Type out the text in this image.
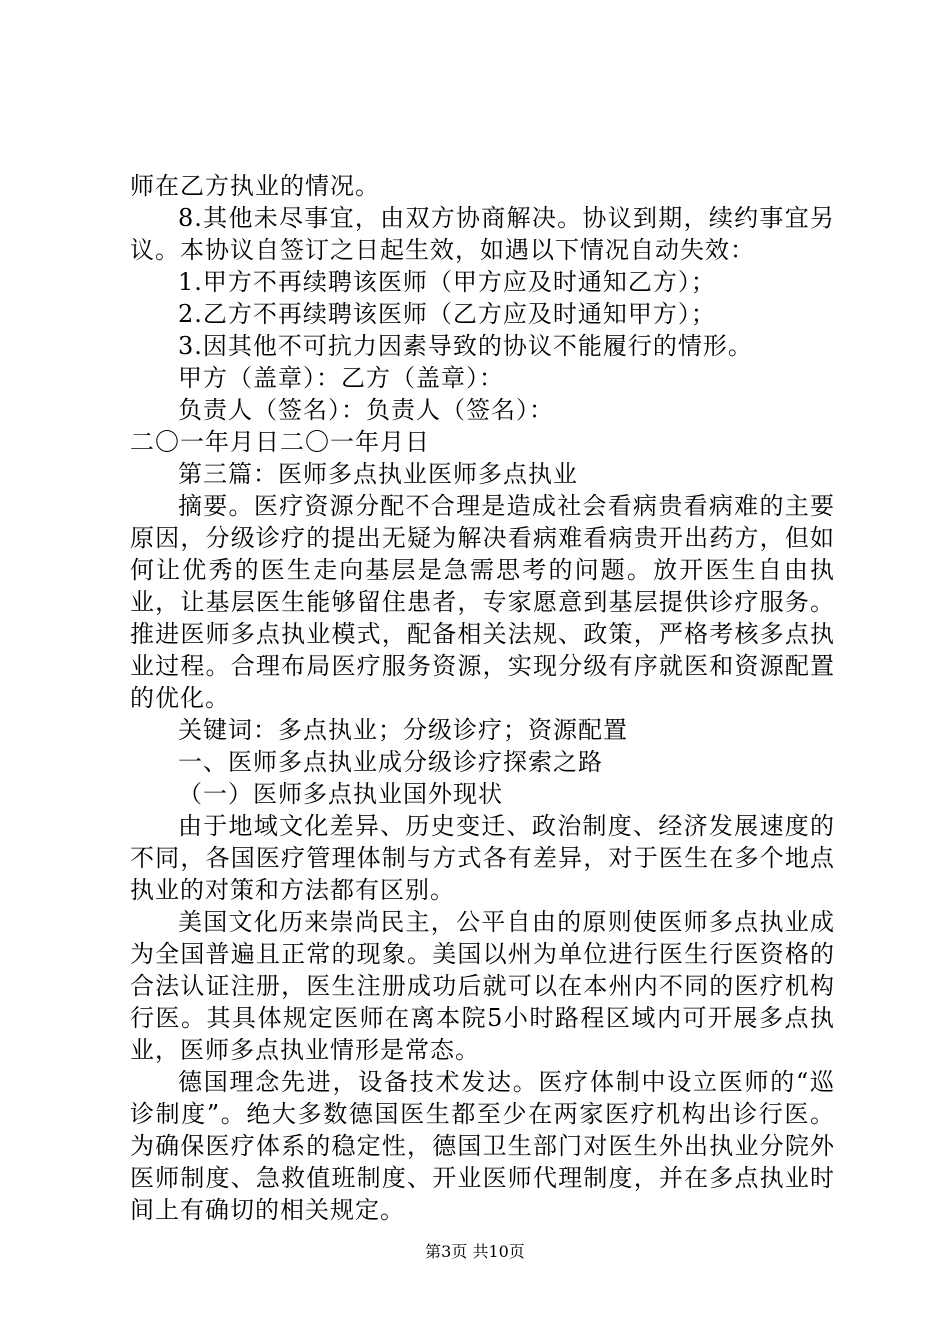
师在乙方执业的情况。

8.其他未尽事宜，由双方协商解决。协议到期，续约事宜另议。本协议自签订之日起生效，如遇以下情况自动失效：

1.甲方不再续聘该医师（甲方应及时通知乙方）；

2.乙方不再续聘该医师（乙方应及时通知甲方）；

3.因其他不可抗力因素导致的协议不能履行的情形。

甲方（盖章）：乙方（盖章）：

负责人（签名）：负责人（签名）：

二〇一年月日二〇一年月日

第三篇：医师多点执业医师多点执业

摘要。医疗资源分配不合理是造成社会看病贵看病难的主要原因，分级诊疗的提出无疑为解决看病难看病贵开出药方，但如何让优秀的医生走向基层是急需思考的问题。放开医生自由执业，让基层医生能够留住患者，专家愿意到基层提供诊疗服务。推进医师多点执业模式，配备相关法规、政策，严格考核多点执业过程。合理布局医疗服务资源，实现分级有序就医和资源配置的优化。

关键词：多点执业；分级诊疗；资源配置

一、医师多点执业成分级诊疗探索之路

（一）医师多点执业国外现状

由于地域文化差异、历史变迁、政治制度、经济发展速度的不同，各国医疗管理体制与方式各有差异，对于医生在多个地点执业的对策和方法都有区别。

美国文化历来崇尚民主，公平自由的原则使医师多点执业成为全国普遍且正常的现象。美国以州为单位进行医生行医资格的合法认证注册，医生注册成功后就可以在本州内不同的医疗机构行医。其具体规定医师在离本院5小时路程区域内可开展多点执业，医师多点执业情形是常态。

德国理念先进，设备技术发达。医疗体制中设立医师的“巡诊制度”。绝大多数德国医生都至少在两家医疗机构出诊行医。为确保医疗体系的稳定性，德国卫生部门对医生外出执业分院外医师制度、急救值班制度、开业医师代理制度，并在多点执业时间上有确切的相关规定。

第3页 共10页
